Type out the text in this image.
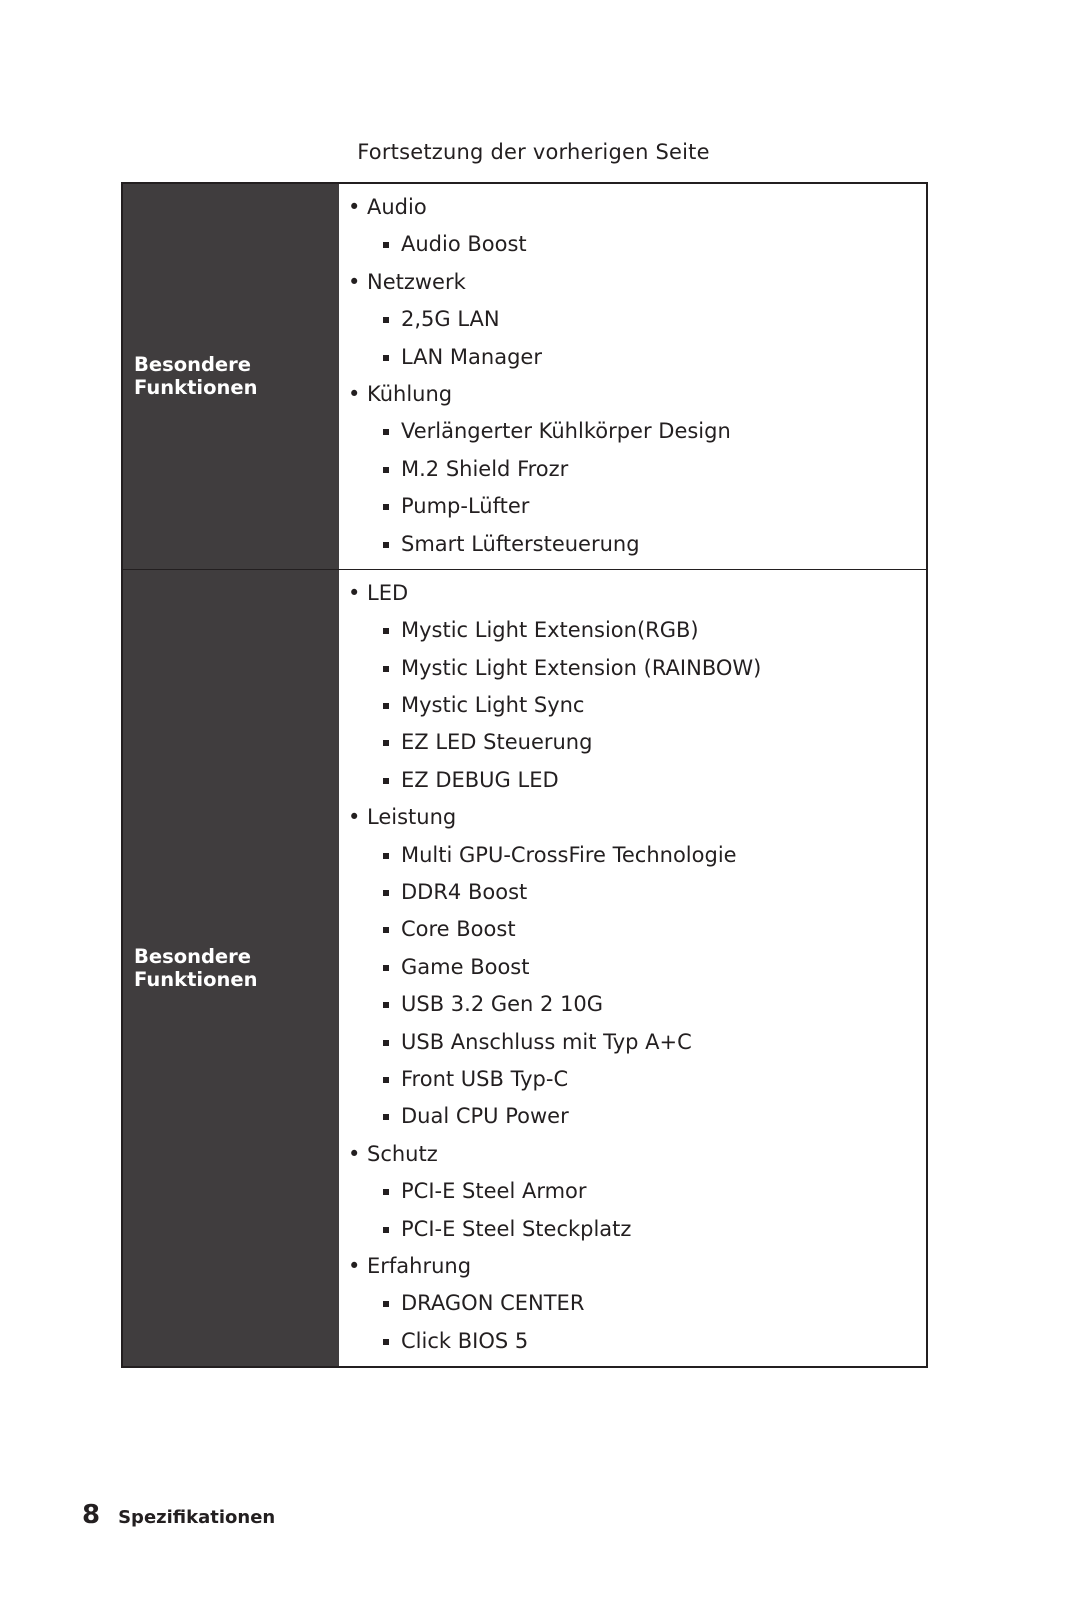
Fortsetzung der vorherigen Seite
Besondere
Funktionen
• Audio
Audio Boost
• Netzwerk
2,5G LAN
LAN Manager
• Kühlung
Verlängerter Kühlkörper Design
M.2 Shield Frozr
Pump-Lüfter
Smart Lüftersteuerung
Besondere
Funktionen
• LED
Mystic Light Extension(RGB)
Mystic Light Extension (RAINBOW)
Mystic Light Sync
EZ LED Steuerung
EZ DEBUG LED
• Leistung
Multi GPU-CrossFire Technologie
DDR4 Boost
Core Boost
Game Boost
USB 3.2 Gen 2 10G
USB Anschluss mit Typ A+C
Front USB Typ-C
Dual CPU Power
• Schutz
PCI-E Steel Armor
PCI-E Steel Steckplatz
• Erfahrung
DRAGON CENTER
Click BIOS 5
8 Spezifikationen
